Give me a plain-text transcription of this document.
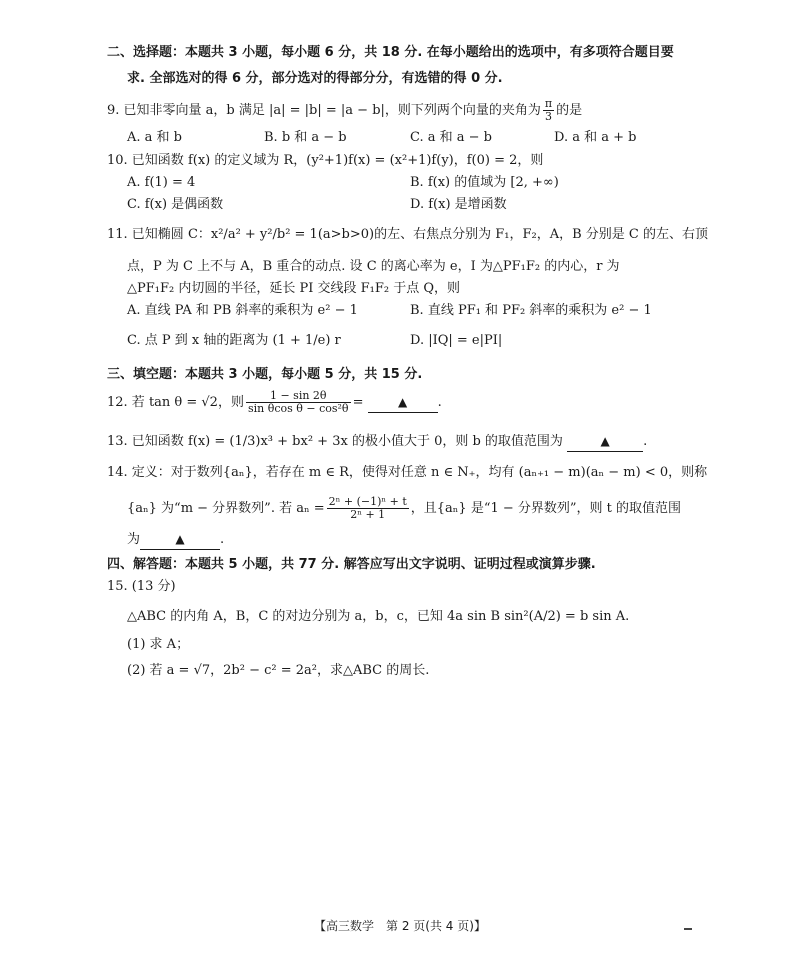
二、选择题：本题共 3 小题，每小题 6 分，共 18 分. 在每小题给出的选项中，有多项符合题目要
求. 全部选对的得 6 分，部分选对的得部分分，有选错的得 0 分.
9. 已知非零向量 a，b 满足 |a| = |b| = |a − b|，则下列两个向量的夹角为 $\frac{\pi}{3}$ 的是
A. a 和 b	B. b 和 a − b	C. a 和 a − b	D. a 和 a + b
10. 已知函数 f(x) 的定义域为 R，(y²+1)f(x) = (x²+1)f(y)，f(0) = 2，则
A. f(1) = 4	B. f(x) 的值域为 [2, +∞)
C. f(x) 是偶函数	D. f(x) 是增函数
11. 已知椭圆 C：x²/a² + y²/b² = 1(a>b>0)的左、右焦点分别为 F₁，F₂，A，B 分别是 C 的左、右顶
点，P 为 C 上不与 A，B 重合的动点. 设 C 的离心率为 e，I 为△PF₁F₂ 的内心，r 为
△PF₁F₂ 内切圆的半径，延长 PI 交线段 F₁F₂ 于点 Q，则
A. 直线 PA 和 PB 斜率的乘积为 e² − 1	B. 直线 PF₁ 和 PF₂ 斜率的乘积为 e² − 1
C. 点 P 到 x 轴的距离为 (1 + 1/e) r	D. |IQ| = e|PI|
三、填空题：本题共 3 小题，每小题 5 分，共 15 分.
12. 若 tan θ = √2，则 $\frac{1 - \sin 2\theta}{\text{sin θcos θ − cos²θ}}$ =	▲ .
13. 已知函数 f(x) = (1/3)x³ + bx² + 3x 的极小值大于 0，则 b 的取值范围为	▲	.
14. 定义：对于数列{aₙ}，若存在 m ∈ R，使得对任意 n ∈ N₊，均有 (aₙ₊₁ − m)(aₙ − m) < 0，则称
{aₙ} 为“m − 分界数列”. 若 $a_n = \frac{\text{2ⁿ + (−1)ⁿ + t}}{\text{2ⁿ + 1}}$ ，且{aₙ} 是“1 − 分界数列”，则 t 的取值范围
为	▲	.
四、解答题：本题共 5 小题，共 77 分. 解答应写出文字说明、证明过程或演算步骤.
15. (13 分)
△ABC 的内角 A，B，C 的对边分别为 a，b，c，已知 4a sin B sin²(A/2) = b sin A.
(1) 求 A；
(2) 若 a = √7，2b² − c² = 2a²，求△ABC 的周长.
【高三数学　第 2 页(共 4 页)】
